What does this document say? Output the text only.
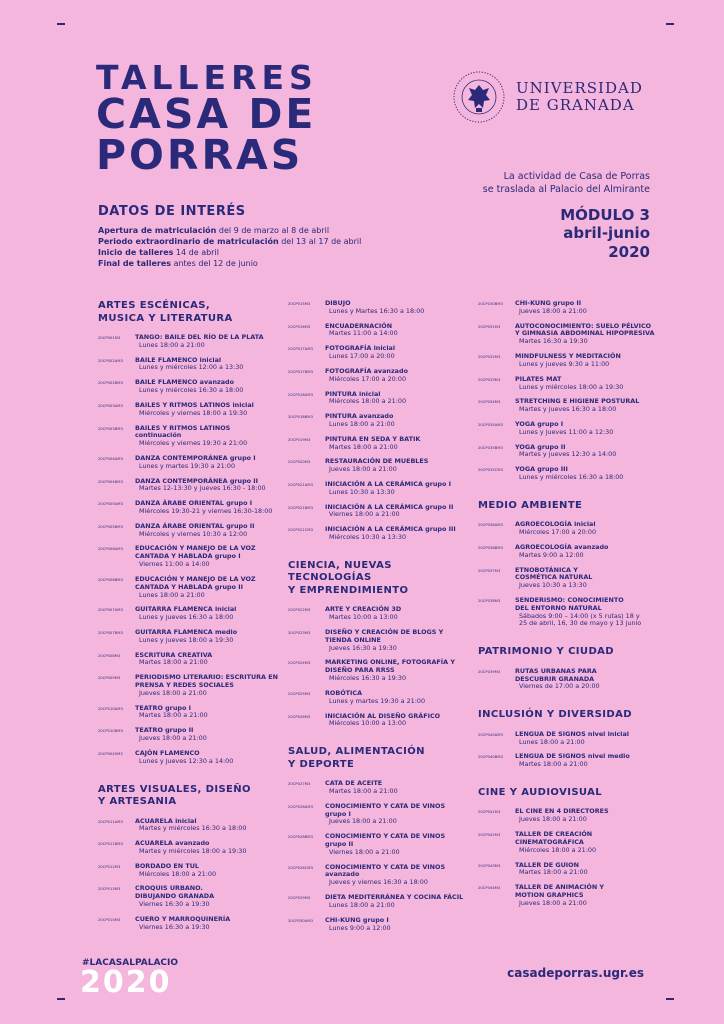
TALLERES
CASA DE
PORRAS
UNIVERSIDAD
DE GRANADA
La actividad de Casa de Porras
se traslada al Palacio del Almirante
MÓDULO 3
abril-junio
2020
DATOS DE INTERÉS

Apertura de matriculación del 9 de marzo al 8 de abril

Periodo extraordinario de matriculación del 13 al 17 de abril

Inicio de talleres 14 de abril

Final de talleres antes del 12 de junio

ARTES ESCÉNICAS,
MUSICA Y LITERATURA
20CP001M3	TANGO: BAILE DEL RÍO DE LA PLATA
Lunes 18:00 a 21:00
20CP002AM3	BAILE FLAMENCO inicial
Lunes y miércoles 12:00 a 13:30
20CP002BM3	BAILE FLAMENCO avanzado
Lunes y miércoles 16:30 a 18:00
20CP003AM3	BAILES Y RITMOS LATINOS inicial
Miércoles y viernes 18:00 a 19:30
20CP003BM3	BAILES Y RITMOS LATINOS
continuación
Miércoles y viernes 19:30 a 21:00
20CP004AM3	DANZA CONTEMPORÁNEA grupo I
Lunes y martes 19:30 a 21:00
20CP004BM3	DANZA CONTEMPORÁNEA grupo II
Martes 12-13:30 y jueves 16:30 - 18:00
20CP005AM3	DANZA ÁRABE ORIENTAL grupo I
Miércoles 19:30-21 y viernes 16:30-18:00
20CP005BM3	DANZA ÁRABE ORIENTAL grupo II
Miércoles y viernes 10:30 a 12:00
20CP006AM3	EDUCACIÓN Y MANEJO DE LA VOZ
CANTADA Y HABLADA grupo I
Viernes 11:00 a 14:00
20CP006BM3	EDUCACIÓN Y MANEJO DE LA VOZ
CANTADA Y HABLADA grupo II
Lunes 18:00 a 21:00
20CP007AM3	GUITARRA FLAMENCA inicial
Lunes y jueves 16:30 a 18:00
20CP007BM3	GUITARRA FLAMENCA medio
Lunes y jueves 18:00 a 19:30
20CP008M3	ESCRITURA CREATIVA
Martes 18:00 a 21:00
20CP009M3	PERIODISMO LITERARIO: ESCRITURA EN
PRENSA Y REDES SOCIALES
Jueves 18:00 a 21:00
20CP010AM3	TEATRO grupo I
Martes 18:00 a 21:00
20CP010BM3	TEATRO grupo II
Jueves 18:00 a 21:00
20CP0045M3	CAJÓN FLAMENCO
Lunes y jueves 12:30 a 14:00
ARTES VISUALES, DISEÑO
Y ARTESANIA
20CP011AM3	ACUARELA inicial
Martes y miércoles 16:30 a 18:00
20CP011BM3	ACUARELA avanzado
Martes y miércoles 18:00 a 19:30
20CP012M3	BORDADO EN TUL
Miércoles 18:00 a 21:00
20CP013M3	CROQUIS URBANO.
DIBUJANDO GRANADA
Viernes 16:30 a 19:30
20CP014M3	CUERO Y MARROQUINERÍA
Viernes 16:30 a 19:30
20CP015M3	DIBUJO
Lunes y Martes 16:30 a 18:00
20CP016M3	ENCUADERNACIÓN
Martes 11:00 a 14:00
20CP017AM3	FOTOGRAFÍA inicial
Lunes 17:00 a 20:00
20CP017BM3	FOTOGRAFÍA avanzado
Miércoles 17:00 a 20:00
20CP018AM3	PINTURA inicial
Miércoles 18:00 a 21:00
20CP018BM3	PINTURA avanzado
Lunes 18:00 a 21:00
20CP019M3	PINTURA EN SEDA Y BATIK
Martes 18:00 a 21:00
20CP020M3	RESTAURACIÓN DE MUEBLES
Jueves 18:00 a 21:00
20CP021AM3	INICIACIÓN A LA CERÁMICA grupo I
Lunes 10:30 a 13:30
20CP021BM3	INICIACIÓN A LA CERÁMICA grupo II
Viernes 18:00 a 21:00
20CP021CM3	INICIACIÓN A LA CERÁMICA grupo III
Miércoles 10:30 a 13:30
CIENCIA, NUEVAS TECNOLOGÍAS
Y EMPRENDIMIENTO
20CP022M3	ARTE Y CREACIÓN 3D
Martes 10:00 a 13:00
20CP023M3	DISEÑO Y CREACIÓN DE BLOGS Y
TIENDA ONLINE
Jueves 16:30 a 19:30
20CP024M3	MARKETING ONLINE, FOTOGRAFÍA Y
DISEÑO PARA RRSS
Miércoles 16:30 a 19:30
20CP025M3	ROBÓTICA
Lunes y martes 19:30 a 21:00
20CP026M3	INICIACIÓN AL DISEÑO GRÁFICO
Miércoles 10:00 a 13:00
SALUD, ALIMENTACIÓN
Y DEPORTE
20CP027M3	CATA DE ACEITE
Martes 18:00 a 21:00
20CP028AM3	CONOCIMIENTO Y CATA DE VINOS
grupo I
Jueves 18:00 a 21:00
20CP028BM3	CONOCIMIENTO Y CATA DE VINOS
grupo II
Viernes 18:00 a 21:00
20CP028CM3	CONOCIMIENTO Y CATA DE VINOS
avanzado
Jueves y viernes 16:30 a 18:00
20CP029M3	DIETA MEDITERRÁNEA Y COCINA FÁCIL
Lunes 18:00 a 21:00
20CP030AM3	CHI-KUNG grupo I
Lunes 9:00 a 12:00
20CP030BM3	CHI-KUNG grupo II
Jueves 18:00 a 21:00
20CP031M3	AUTOCONOCIMIENTO: SUELO PÉLVICO
Y GIMNASIA ABDOMINAL HIPOPRESIVA
Martes 16:30 a 19:30
20CP032M3	MINDFULNESS Y MEDITACIÓN
Lunes y jueves 9:30 a 11:00
20CP033M3	PILATES MAT
Lunes y miércoles 18:00 a 19:30
20CP034M3	STRETCHING E HIGIENE POSTURAL
Martes y jueves 16:30 a 18:00
20CP035AM3	YOGA grupo I
Lunes y jueves 11:00 a 12:30
20CP035BM3	YOGA grupo II
Martes y jueves 12:30 a 14:00
20CP035CM3	YOGA grupo III
Lunes y miércoles 16:30 a 18:00
MEDIO AMBIENTE
20CP036AM3	AGROECOLOGÍA inicial
Miércoles 17:00 a 20:00
20CP036BM3	AGROECOLOGÍA avanzado
Martes 9:00 a 12:00
20CP037M3	ETNOBOTÁNICA Y
COSMÉTICA NATURAL
Jueves 10:30 a 13:30
20CP038M3	SENDERISMO: CONOCIMIENTO
DEL ENTORNO NATURAL
Sábados 9:00 – 14:00 (x 5 rutas) 18 y
25 de abril, 16, 30 de mayo y 13 junio
PATRIMONIO Y CIUDAD
20CP039M3	RUTAS URBANAS PARA
DESCUBRIR GRANADA
Viernes de 17:00 a 20:00
INCLUSIÓN Y DIVERSIDAD
20CP040AM3	LENGUA DE SIGNOS nivel inicial
Lunes 18:00 a 21:00
20CP040BM3	LENGUA DE SIGNOS nivel medio
Martes 18:00 a 21:00
CINE Y AUDIOVISUAL
20CP041M3	EL CINE EN 4 DIRECTORES
Jueves 18:00 a 21:00
20CP042M3	TALLER DE CREACIÓN
CINEMATOGRÁFICA
Miércoles 18:00 a 21:00
20CP043M3	TALLER DE GUION
Martes 18:00 a 21:00
20CP044M3	TALLER DE ANIMACIÓN Y
MOTION GRAPHICS
Jueves 18:00 a 21:00
#LACASALPALACIO
2020	casadeporras.ugr.es
